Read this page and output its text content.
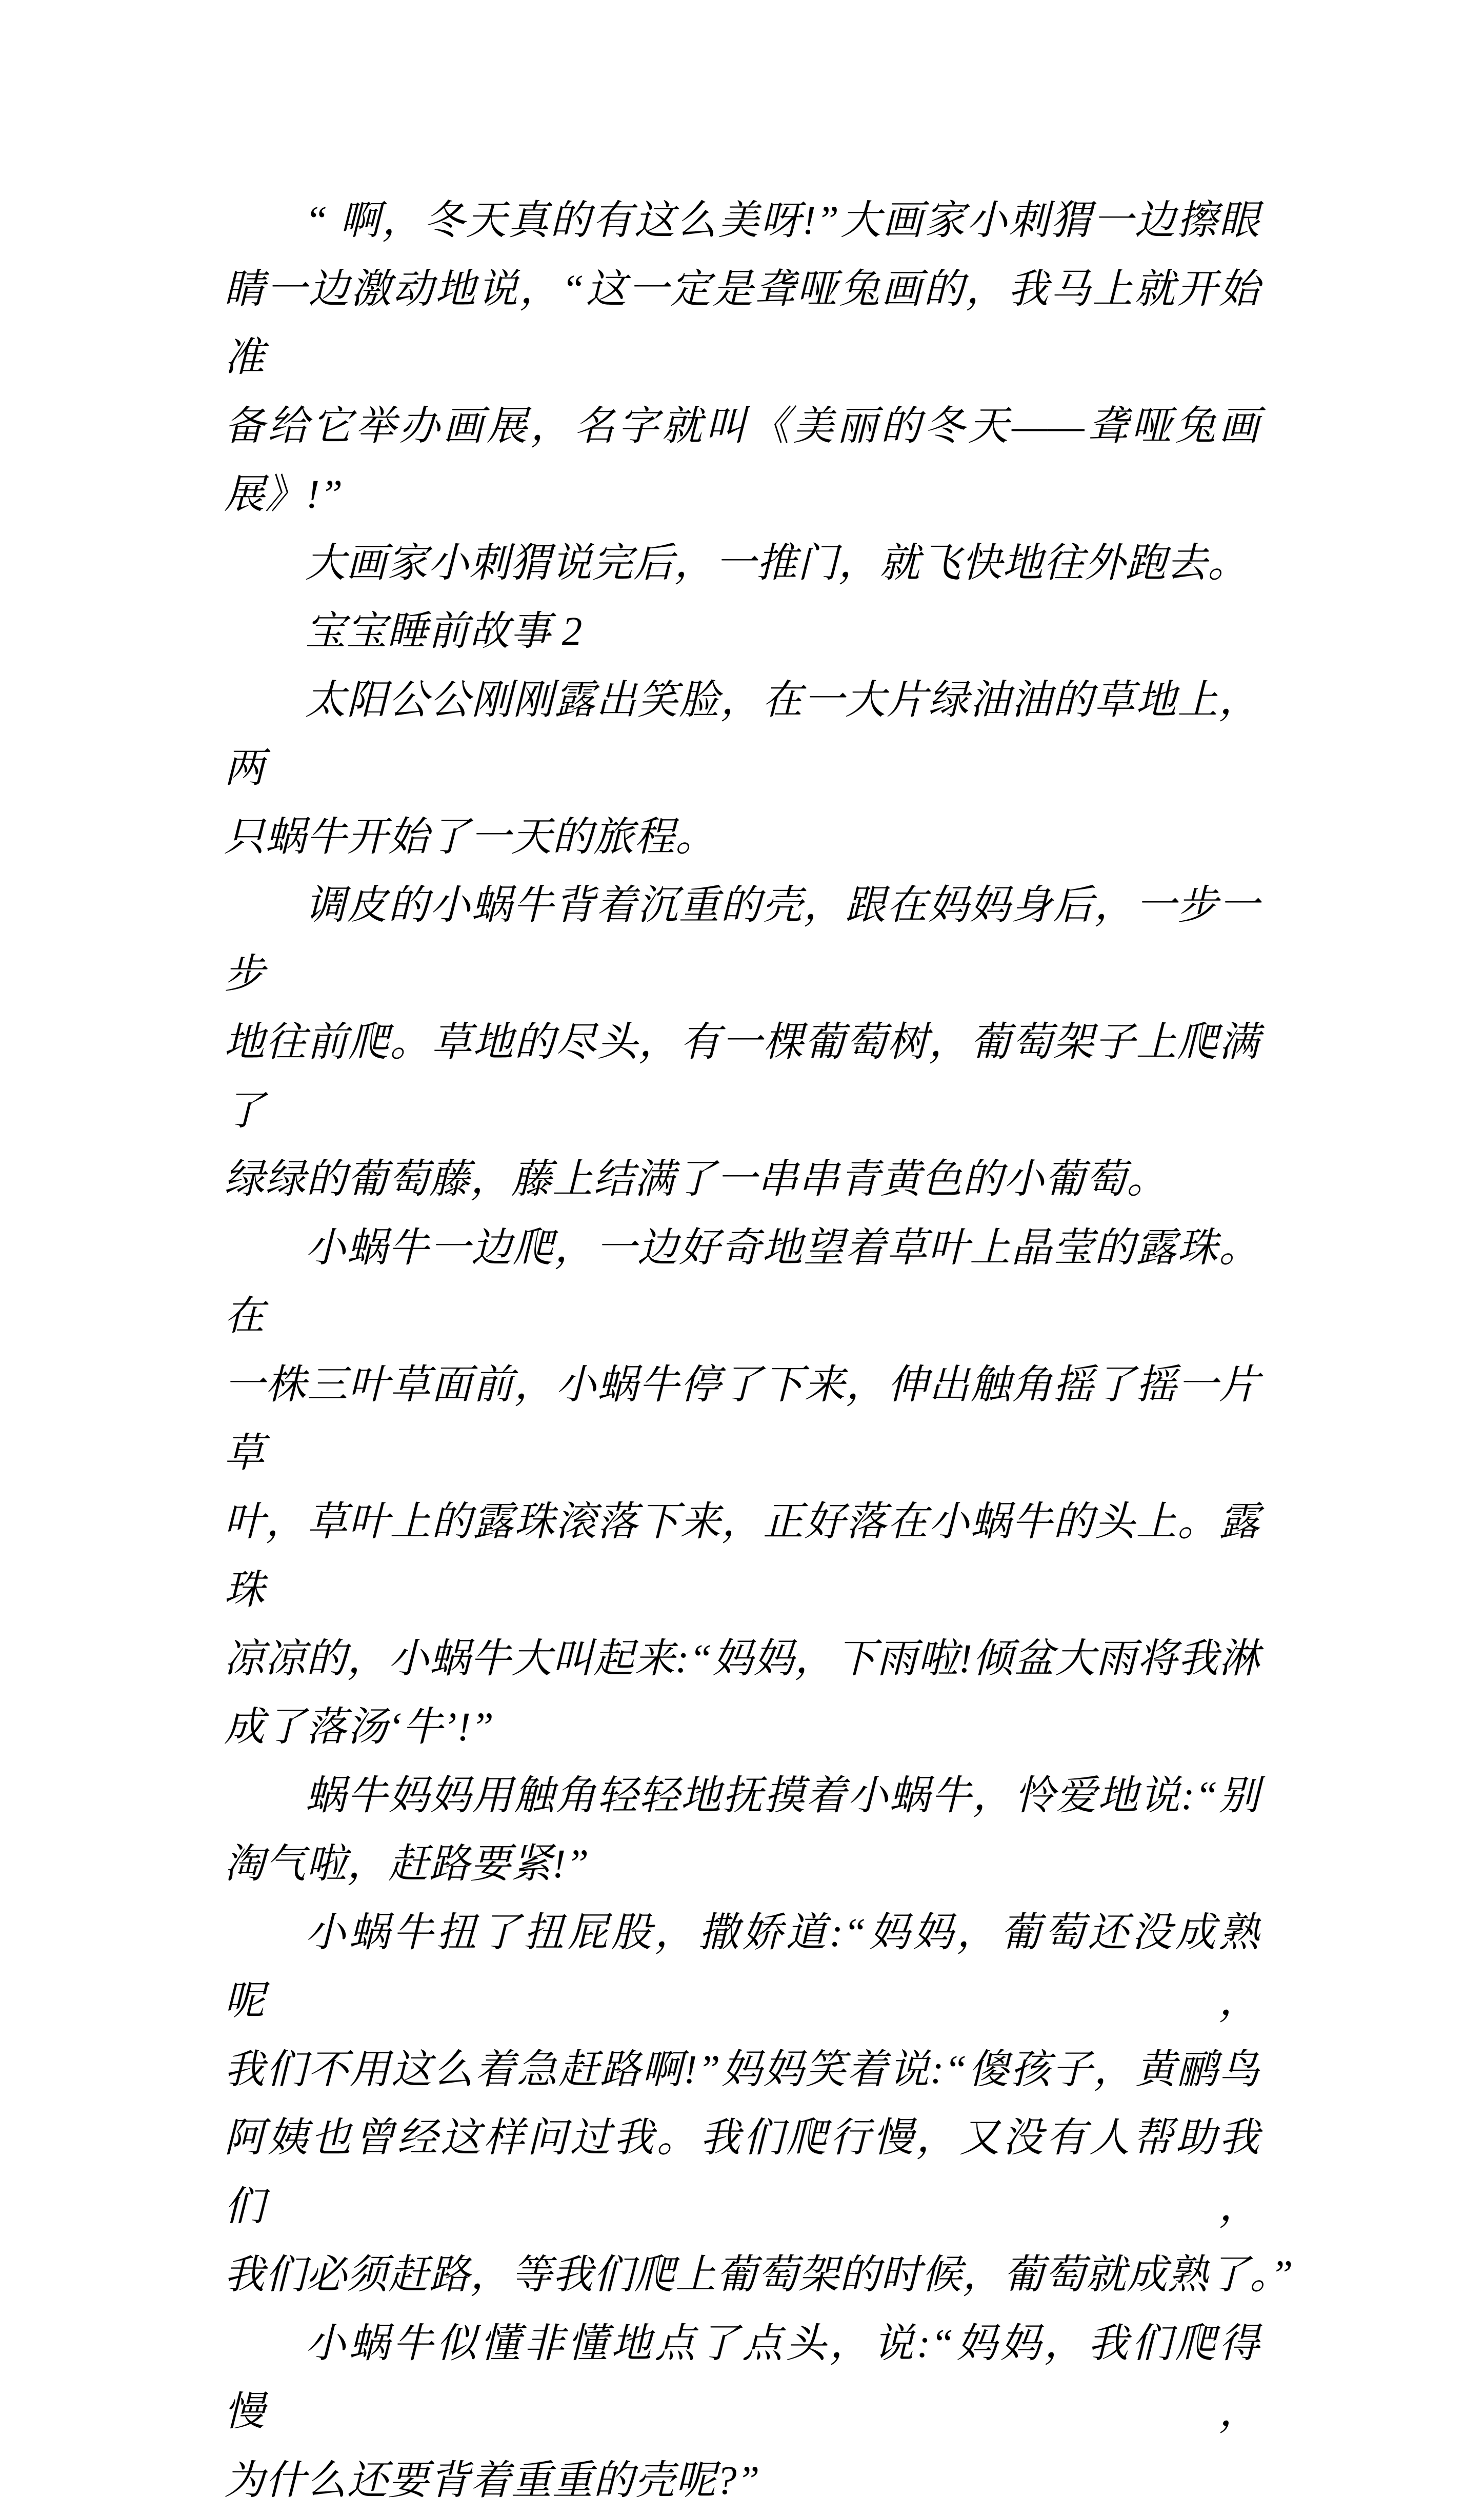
“ 啊，冬天真的有这么美呀!”大画家小刺猬一边擦眼
睛一边激动地说，“这一定是聋哑兔画的，我马上就开始准
备给它举办画展，名字就叫《美丽的冬天——聋哑兔画
展》!”
大画家小刺猬说完后，一推门，就飞快地往外跑去。
宝宝睡前故事 2
太阳公公刚刚露出笑脸，在一大片绿油油的草地上，两
只蜗牛开始了一天的旅程。
调皮的小蜗牛背着沉重的壳，跟在妈妈身后，一步一步
地往前爬。草地的尽头，有一棵葡萄树，葡萄架子上爬满了
绿绿的葡萄藤，藤上结满了一串串青黄色的小葡萄。
小蜗牛一边爬，一边好奇地望着草叶上晶莹的露珠。在
一株三叶草面前，小蜗牛停了下来，伸出触角摇了摇一片草
叶，草叶上的露珠滚落下来，正好落在小蜗牛的头上。露珠
凉凉的，小蜗牛大叫起来:“妈妈，下雨啦!倾盆大雨将我淋
成了落汤‘牛’!”
蜗牛妈妈用触角轻轻地抚摸着小蜗牛，怜爱地说:“别
淘气啦，赶路要紧!”
小蜗牛扭了扭屁股，撒娇道:“妈妈，葡萄还没成熟呢，
我们不用这么着急赶路啊!”妈妈笑着说:“傻孩子，黄鹂鸟
阿姨也曾经这样问过我。我们爬行慢，又没有人帮助我们，
我们必须赶路，等我们爬上葡萄架的时候，葡萄就成熟了。”
小蜗牛似懂非懂地点了点头，说:“妈妈，我们爬得慢，
为什么还要背着重重的壳呢?”
